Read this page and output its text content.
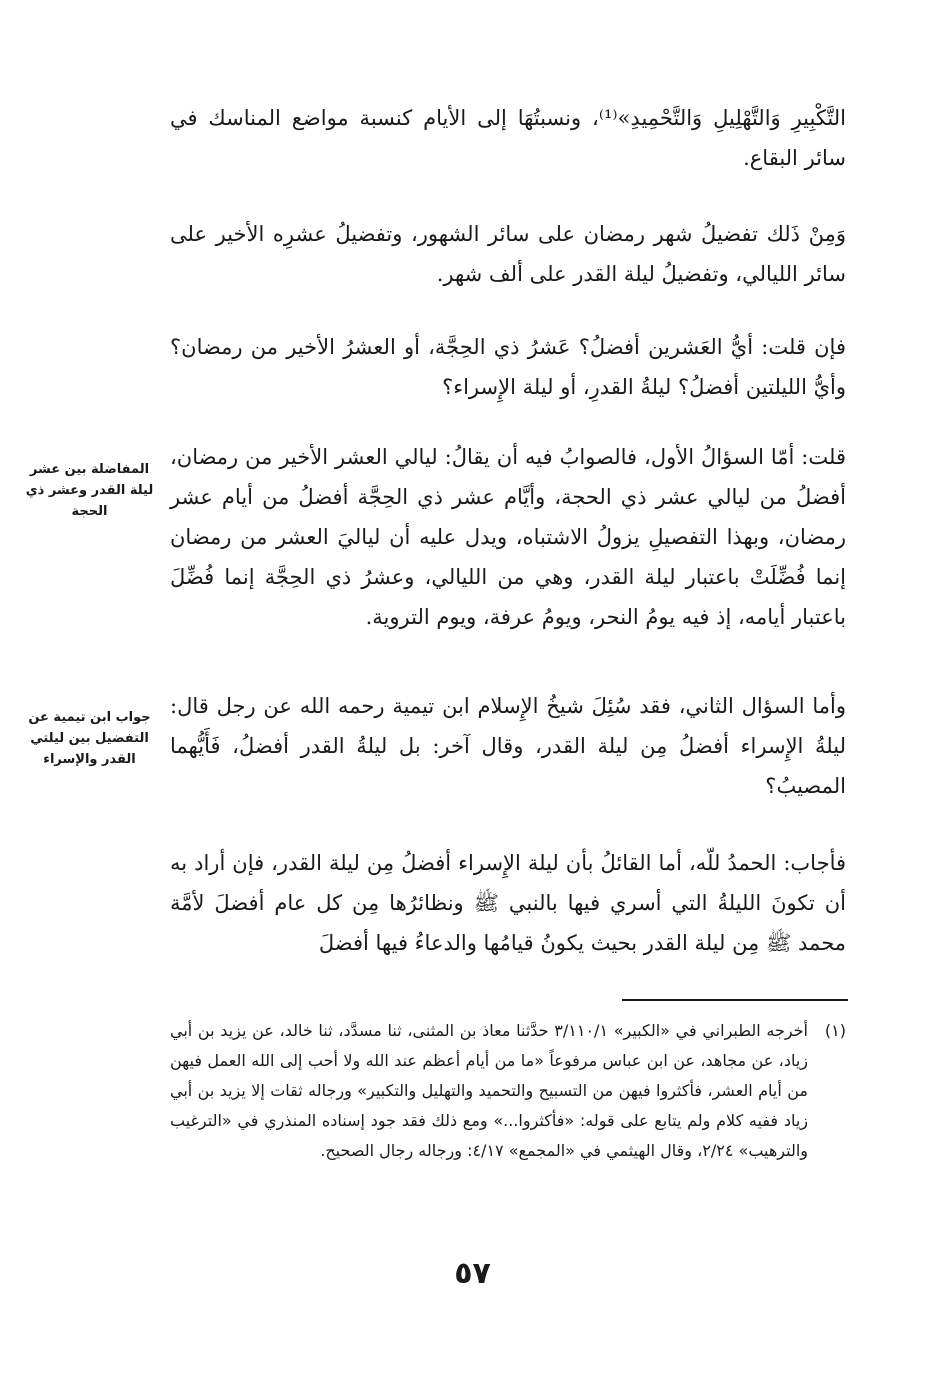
التَّكْبِيرِ وَالتَّهْلِيلِ وَالتَّحْمِيدِ»⁽¹⁾، ونسبتُهَا إلى الأيام كنسبة مواضع المناسك في سائر البقاع.

وَمِنْ ذَلك تفضيلُ شهر رمضان على سائر الشهور، وتفضيلُ عشرِه الأخير على سائر الليالي، وتفضيلُ ليلة القدر على ألف شهر.

فإن قلت: أيُّ العَشرين أفضلُ؟ عَشرُ ذي الحِجَّة، أو العشرُ الأخير من رمضان؟ وأيُّ الليلتين أفضلُ؟ ليلةُ القدرِ، أو ليلة الإِسراء؟

قلت: أمّا السؤالُ الأول، فالصوابُ فيه أن يقالُ: ليالي العشر الأخير من رمضان، أفضلُ من ليالي عشر ذي الحجة، وأيَّام عشر ذي الحِجَّة أفضلُ من أيام عشر رمضان، وبهذا التفصيلِ يزولُ الاشتباه، ويدل عليه أن لياليَ العشر من رمضان إنما فُضِّلَتْ باعتبار ليلة القدر، وهي من الليالي، وعشرُ ذي الحِجَّة إنما فُضِّلَ باعتبار أيامه، إذ فيه يومُ النحر، ويومُ عرفة، ويوم التروية.

وأما السؤال الثاني، فقد سُئِلَ شيخُ الإِسلام ابن تيمية رحمه الله عن رجل قال: ليلةُ الإِسراء أفضلُ مِن ليلة القدر، وقال آخر: بل ليلةُ القدر أفضلُ، فَأَيُّهما المصيبُ؟

فأجاب: الحمدُ للّه، أما القائلُ بأن ليلة الإِسراء أفضلُ مِن ليلة القدر، فإن أراد به أن تكونَ الليلةُ التي أسري فيها بالنبي ﷺ ونظائرُها مِن كل عام أفضلَ لأمَّة محمد ﷺ مِن ليلة القدر بحيث يكونُ قيامُها والدعاءُ فيها أفضلَ

المفاضلة بين عشر ليلة القدر وعشر ذي الحجة
جواب ابن تيمية عن التفضيل بين ليلتي القدر والإسراء
(١)
أخرجه الطبراني في «الكبير» ٣/١١٠/١ حدَّثنا معاذ بن المثنى، ثنا مسدَّد، ثنا خالد، عن يزيد بن أبي زياد، عن مجاهد، عن ابن عباس مرفوعاً «ما من أيام أعظم عند الله ولا أحب إلى الله العمل فيهن من أيام العشر، فأكثروا فيهن من التسبيح والتحميد والتهليل والتكبير» ورجاله ثقات إلا يزيد بن أبي زياد ففيه كلام ولم يتابع على قوله: «فأكثروا...» ومع ذلك فقد جود إسناده المنذري في «الترغيب والترهيب» ٢/٢٤، وقال الهيثمي في «المجمع» ٤/١٧: ورجاله رجال الصحيح.
٥٧
